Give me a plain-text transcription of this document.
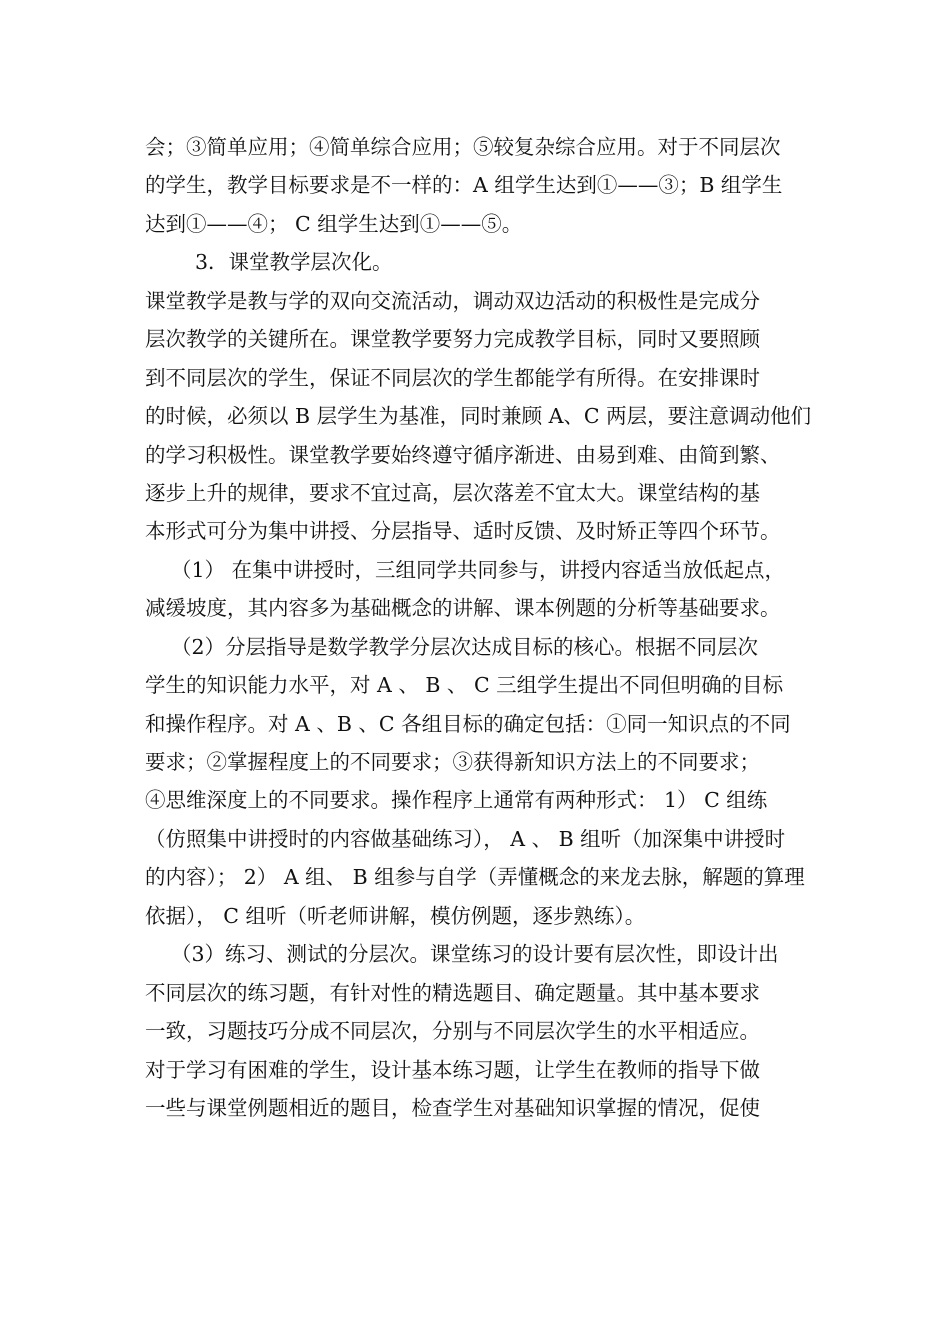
会；③简单应用；④简单综合应用；⑤较复杂综合应用。对于不同层次
的学生，教学目标要求是不一样的：A 组学生达到①——③；B 组学生
达到①——④； C 组学生达到①——⑤。
3．课堂教学层次化。
课堂教学是教与学的双向交流活动，调动双边活动的积极性是完成分
层次教学的关键所在。课堂教学要努力完成教学目标，同时又要照顾
到不同层次的学生，保证不同层次的学生都能学有所得。在安排课时
的时候，必须以 B 层学生为基准，同时兼顾 A、C 两层，要注意调动他们
的学习积极性。课堂教学要始终遵守循序渐进、由易到难、由简到繁、
逐步上升的规律，要求不宜过高，层次落差不宜太大。课堂结构的基
本形式可分为集中讲授、分层指导、适时反馈、及时矫正等四个环节。
（1） 在集中讲授时，三组同学共同参与，讲授内容适当放低起点，
减缓坡度，其内容多为基础概念的讲解、课本例题的分析等基础要求。
（2）分层指导是数学教学分层次达成目标的核心。根据不同层次
学生的知识能力水平，对 A 、 B 、 C 三组学生提出不同但明确的目标
和操作程序。对 A 、B 、C 各组目标的确定包括：①同一知识点的不同
要求；②掌握程度上的不同要求；③获得新知识方法上的不同要求；
④思维深度上的不同要求。操作程序上通常有两种形式： 1） C 组练
（仿照集中讲授时的内容做基础练习）， A 、 B 组听（加深集中讲授时
的内容）； 2） A 组、 B 组参与自学（弄懂概念的来龙去脉，解题的算理
依据）， C 组听（听老师讲解，模仿例题，逐步熟练）。
（3）练习、测试的分层次。课堂练习的设计要有层次性，即设计出
不同层次的练习题，有针对性的精选题目、确定题量。其中基本要求
一致，习题技巧分成不同层次，分别与不同层次学生的水平相适应。
对于学习有困难的学生，设计基本练习题，让学生在教师的指导下做
一些与课堂例题相近的题目，检查学生对基础知识掌握的情况，促使
